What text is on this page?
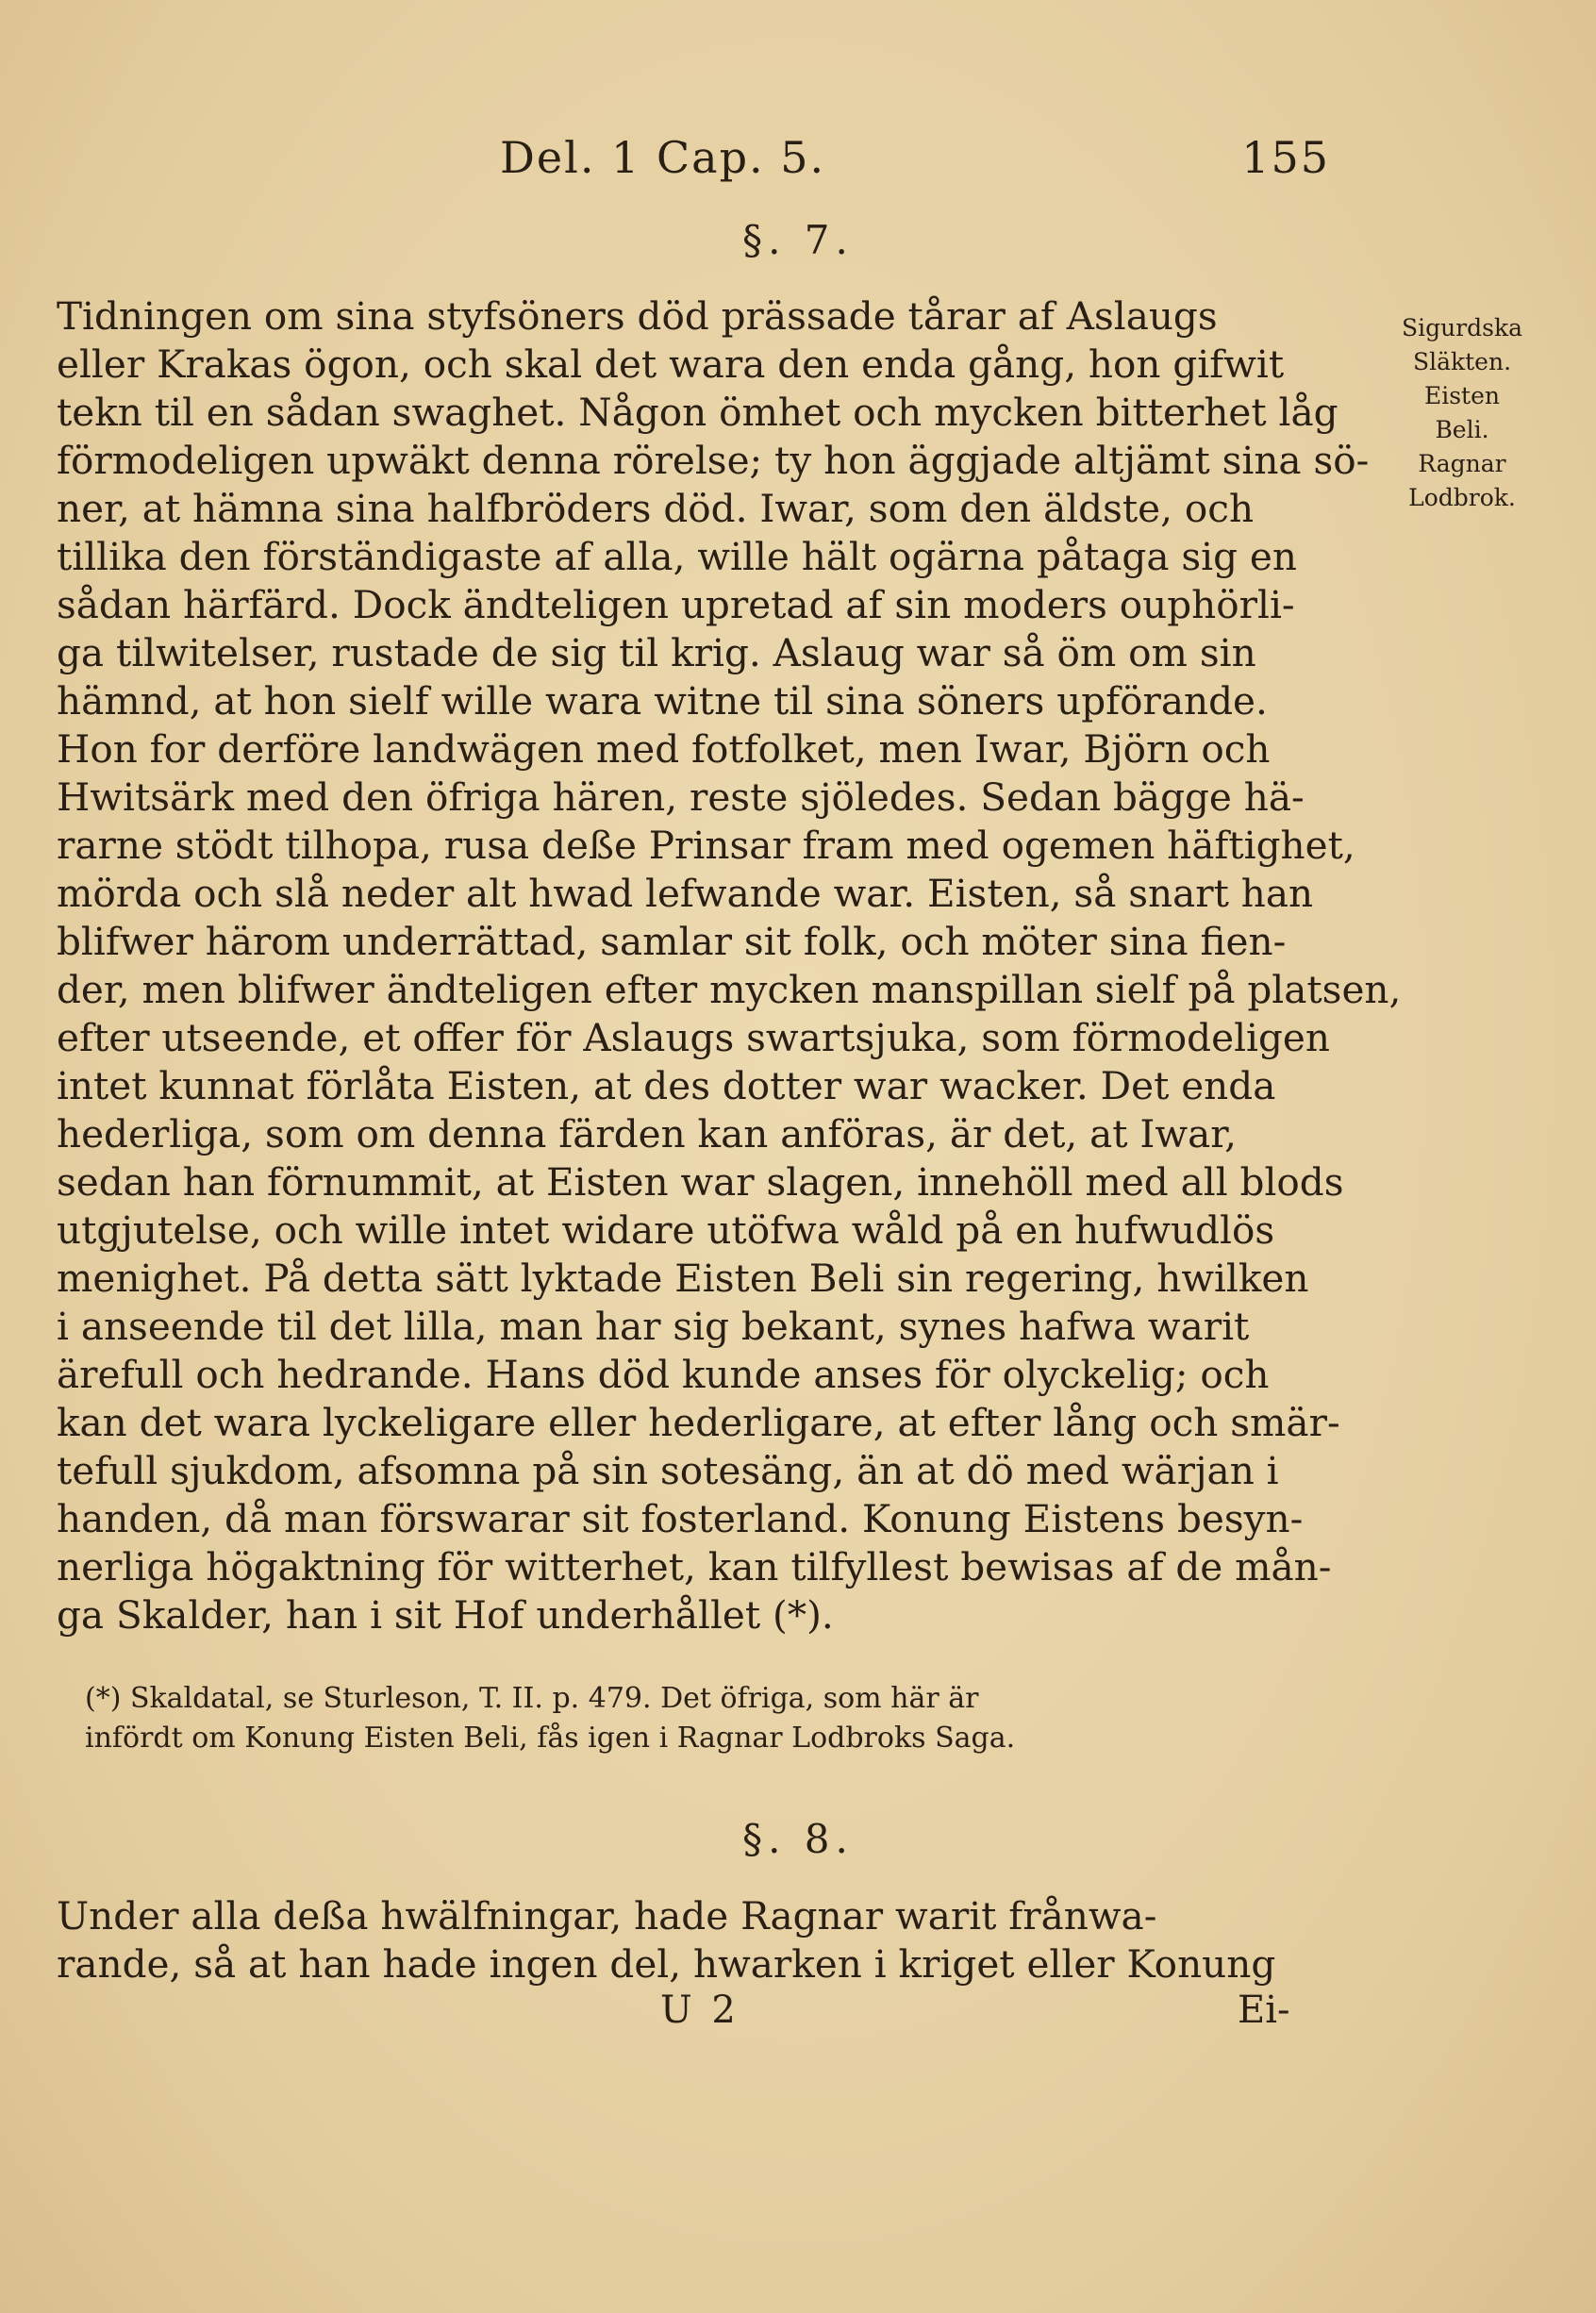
Del. 1 Cap. 5.	155
§. 7.
Tidningen om sina styfsöners död prässade tårar af Aslaugs
eller Krakas ögon, och skal det wara den enda gång, hon gifwit
tekn til en sådan swaghet. Någon ömhet och mycken bitterhet låg
förmodeligen upwäkt denna rörelse; ty hon äggjade altjämt sina sö-
ner, at hämna sina halfbröders död. Iwar, som den äldste, och
tillika den förständigaste af alla, wille hält ogärna påtaga sig en
sådan härfärd. Dock ändteligen upretad af sin moders ouphörli-
ga tilwitelser, rustade de sig til krig. Aslaug war så öm om sin
hämnd, at hon sielf wille wara witne til sina söners upförande.
Hon for derföre landwägen med fotfolket, men Iwar, Björn och
Hwitsärk med den öfriga hären, reste sjöledes. Sedan bägge hä-
rarne stödt tilhopa, rusa deße Prinsar fram med ogemen häftighet,
mörda och slå neder alt hwad lefwande war. Eisten, så snart han
blifwer härom underrättad, samlar sit folk, och möter sina fien-
der, men blifwer ändteligen efter mycken manspillan sielf på platsen,
efter utseende, et offer för Aslaugs swartsjuka, som förmodeligen
intet kunnat förlåta Eisten, at des dotter war wacker. Det enda
hederliga, som om denna färden kan anföras, är det, at Iwar,
sedan han förnummit, at Eisten war slagen, innehöll med all blods
utgjutelse, och wille intet widare utöfwa wåld på en hufwudlös
menighet. På detta sätt lyktade Eisten Beli sin regering, hwilken
i anseende til det lilla, man har sig bekant, synes hafwa warit
ärefull och hedrande. Hans död kunde anses för olyckelig; och
kan det wara lyckeligare eller hederligare, at efter lång och smär-
tefull sjukdom, afsomna på sin sotesäng, än at dö med wärjan i
handen, då man förswarar sit fosterland. Konung Eistens besyn-
nerliga högaktning för witterhet, kan tilfyllest bewisas af de mån-
ga Skalder, han i sit Hof underhållet (*).
Sigurdska
Släkten.
Eisten
Beli.
Ragnar
Lodbrok.
(*) Skaldatal, se Sturleson, T. II. p. 479. Det öfriga, som här är
infördt om Konung Eisten Beli, fås igen i Ragnar Lodbroks Saga.
§. 8.
Under alla deßa hwälfningar, hade Ragnar warit frånwa-
rande, så at han hade ingen del, hwarken i kriget eller Konung
U 2	Ei-
